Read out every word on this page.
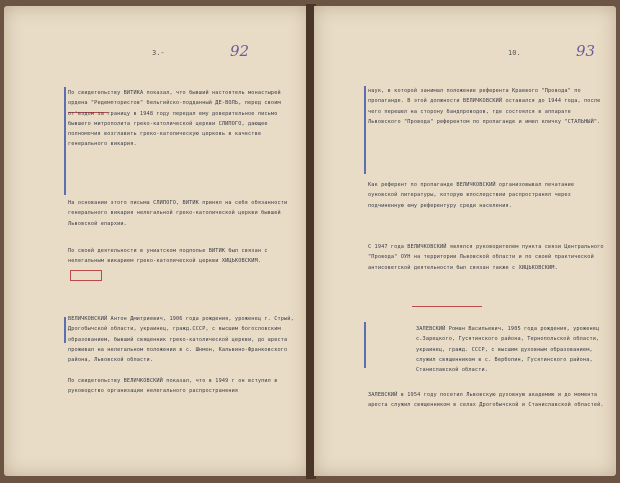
3.-	92

По свидетельству ВИТИКА показал, что бывший настоятель монастырей ордена "Редемптористов" бельгийско-подданный ДЕ-ВОЛЬ, перед своим от'ездом за границу в 1948 году передал ему доверительное письмо бывшего митрополита греко-католической церкви СЛИПОГО, дающее полномочия возглавить греко-католическую церковь в качестве генерального викария.

На основании этого письма СЛИПОГО, ВИТИК принял на себя обязанности генерального викария нелегальной греко-католической церкви бывшей Львовской епархии.

По своей деятельности в униатском подполье ВИТИК был связан с нелегальным викарием греко-католической церкви ХИЦЬКОВСКИМ.

ВЕЛИЧКОВСКИЙ Антон Дмитриевич, 1906 года рождения, уроженец г. Стрый, Дрогобычской области, украинец, гражд.СССР, с высшим богословским образованием, бывший священник греко-католической церкви, до ареста проживал на нелегальном положении в с. Шнмон, Кальвино-Франковского района, Львовской области.

По свидетельству ВЕЛИЧКОВСКИЙ показал, что в 1949 г он вступил в руководство организации нелегального распространения

10.	93

наук, в которой занимал положение референта Краевого "Провода" по пропаганде. В этой должности ВЕЛИЧКОВСКИЙ оставался до 1944 года, после чего перешел на сторону бандпроводов, где состоялся в аппарате Львовского "Провода" референтом по пропаганде и имел кличку "СТАЛЬНЫЙ".

Как референт по пропаганде ВЕЛИЧКОВСКИЙ организовывал печатание оуновской литературы, которую впоследствии распространял через подчиненную ему референтуру среди населения.

С 1947 года ВЕЛИЧКОВСКИЙ являлся руководителем пункта связи Центрального "Провода" ОУН на территории Львовской области и по своей практической антисоветской деятельности был связан также с ХИЦЬКОВСКИМ.

ЗАЛЕВСКИЙ Роман Васильевич, 1905 года рождения, уроженец с.Зарецкого, Гусятинского района, Тернопольской области, украинец, гражд. СССР, с высшим духовным образованием, служил священником в с. Верболин, Гусятинского района, Станиславской области.

ЗАЛЕВСКИЙ в 1954 году посетил Львовскую духовную академию и до момента ареста служил священником в селах Дрогобычской и Станиславской областей.
